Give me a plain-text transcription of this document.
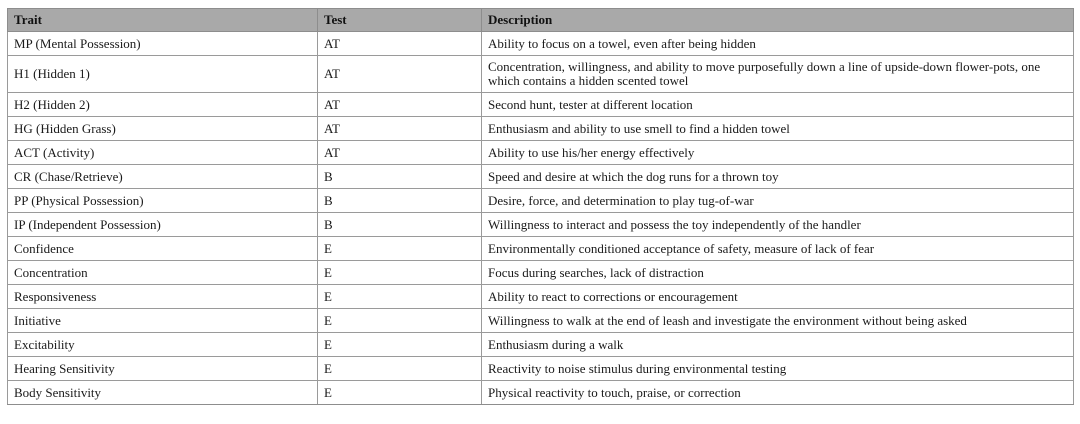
Trait	Test	Description
MP (Mental Possession)	AT	Ability to focus on a towel, even after being hidden
H1 (Hidden 1)	AT	Concentration, willingness, and ability to move purposefully down a line of upside-down flower-pots, one which contains a hidden scented towel
H2 (Hidden 2)	AT	Second hunt, tester at different location
HG (Hidden Grass)	AT	Enthusiasm and ability to use smell to find a hidden towel
ACT (Activity)	AT	Ability to use his/her energy effectively
CR (Chase/Retrieve)	B	Speed and desire at which the dog runs for a thrown toy
PP (Physical Possession)	B	Desire, force, and determination to play tug-of-war
IP (Independent Possession)	B	Willingness to interact and possess the toy independently of the handler
Confidence	E	Environmentally conditioned acceptance of safety, measure of lack of fear
Concentration	E	Focus during searches, lack of distraction
Responsiveness	E	Ability to react to corrections or encouragement
Initiative	E	Willingness to walk at the end of leash and investigate the environment without being asked
Excitability	E	Enthusiasm during a walk
Hearing Sensitivity	E	Reactivity to noise stimulus during environmental testing
Body Sensitivity	E	Physical reactivity to touch, praise, or correction
